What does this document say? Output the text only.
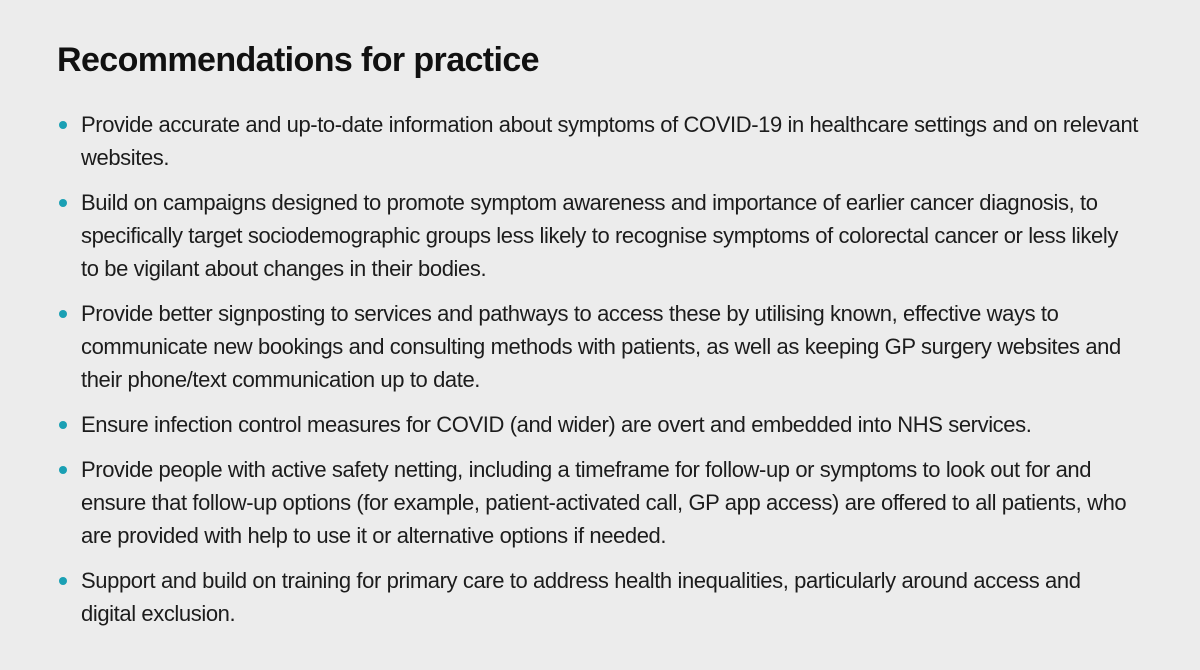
Recommendations for practice
Provide accurate and up-to-date information about symptoms of COVID-19 in healthcare settings and on relevant websites.
Build on campaigns designed to promote symptom awareness and importance of earlier cancer diagnosis, to specifically target sociodemographic groups less likely to recognise symptoms of colorectal cancer or less likely to be vigilant about changes in their bodies.
Provide better signposting to services and pathways to access these by utilising known, effective ways to communicate new bookings and consulting methods with patients, as well as keeping GP surgery websites and their phone/text communication up to date.
Ensure infection control measures for COVID (and wider) are overt and embedded into NHS services.
Provide people with active safety netting, including a timeframe for follow-up or symptoms to look out for and ensure that follow-up options (for example, patient-activated call, GP app access) are offered to all patients, who are provided with help to use it or alternative options if needed.
Support and build on training for primary care to address health inequalities, particularly around access and digital exclusion.
